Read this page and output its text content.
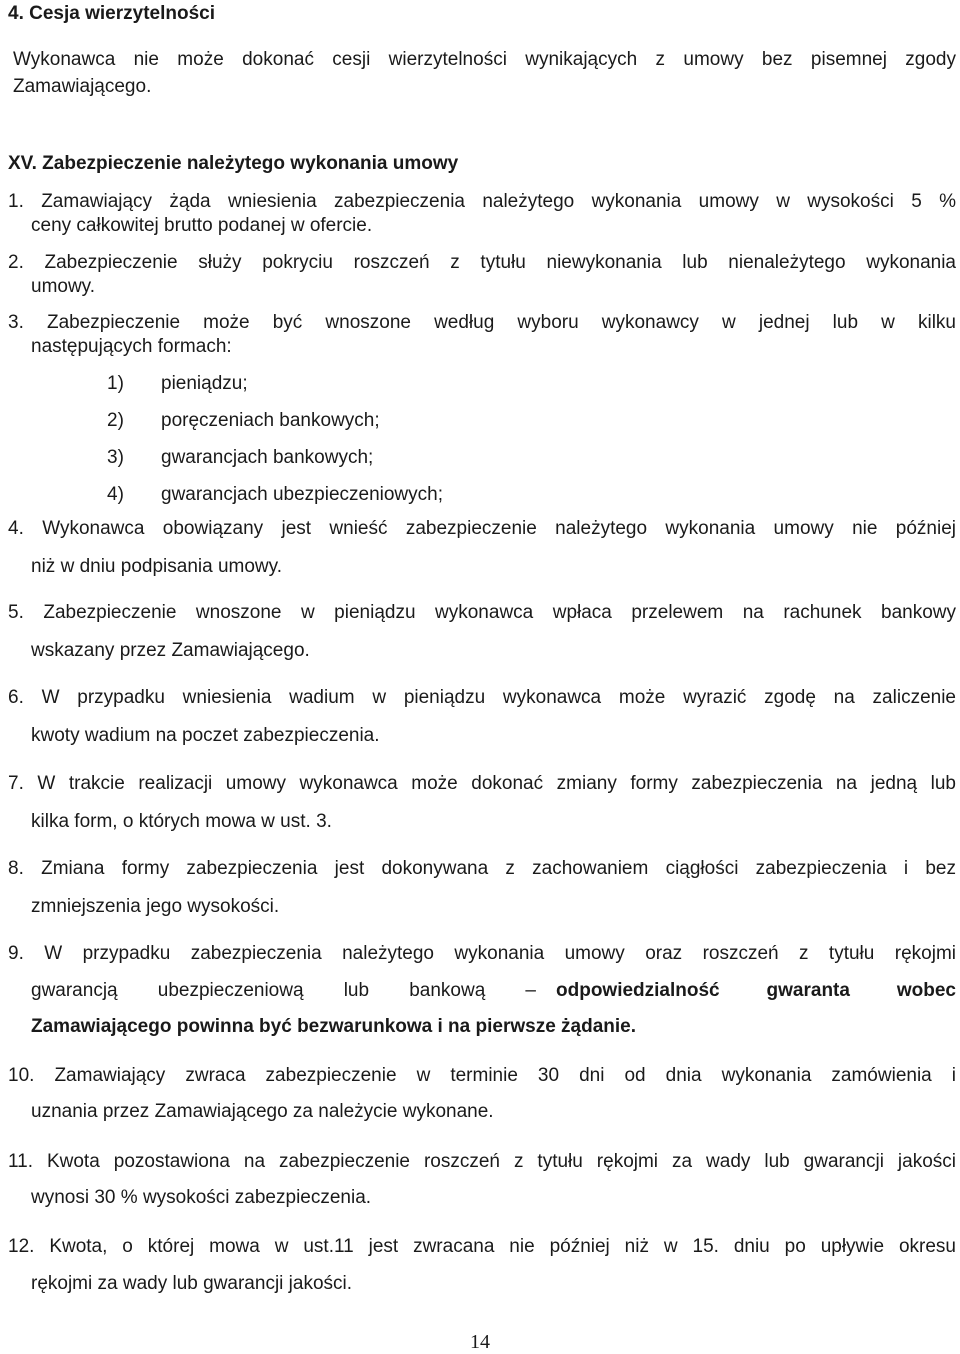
4. Cesja wierzytelności
Wykonawca nie może dokonać cesji wierzytelności wynikających z umowy bez pisemnej zgody
Zamawiającego.
XV. Zabezpieczenie należytego wykonania umowy
1. Zamawiający żąda wniesienia zabezpieczenia należytego wykonania umowy w wysokości 5 %
ceny całkowitej brutto podanej w ofercie.
2. Zabezpieczenie służy pokryciu roszczeń z tytułu niewykonania lub nienależytego wykonania
umowy.
3. Zabezpieczenie może być wnoszone według wyboru wykonawcy w jednej lub w kilku
następujących formach:
1) pieniądzu;
2) poręczeniach bankowych;
3) gwarancjach bankowych;
4) gwarancjach ubezpieczeniowych;
4. Wykonawca obowiązany jest wnieść zabezpieczenie należytego wykonania umowy nie później
niż w dniu podpisania umowy.
5. Zabezpieczenie wnoszone w pieniądzu wykonawca wpłaca przelewem na rachunek bankowy
wskazany przez Zamawiającego.
6. W przypadku wniesienia wadium w pieniądzu wykonawca może wyrazić zgodę na zaliczenie
kwoty wadium na poczet zabezpieczenia.
7. W trakcie realizacji umowy wykonawca może dokonać zmiany formy zabezpieczenia na jedną lub
kilka form, o których mowa w ust. 3.
8. Zmiana formy zabezpieczenia jest dokonywana z zachowaniem ciągłości zabezpieczenia i bez
zmniejszenia jego wysokości.
9. W przypadku zabezpieczenia należytego wykonania umowy oraz roszczeń z tytułu rękojmi
gwarancją ubezpieczeniową lub bankową – odpowiedzialność gwaranta wobec
Zamawiającego powinna być bezwarunkowa i na pierwsze żądanie.
10. Zamawiający zwraca zabezpieczenie w terminie 30 dni od dnia wykonania zamówienia i
uznania przez Zamawiającego za należycie wykonane.
11. Kwota pozostawiona na zabezpieczenie roszczeń z tytułu rękojmi za wady lub gwarancji jakości
wynosi 30 % wysokości zabezpieczenia.
12. Kwota, o której mowa w ust.11 jest zwracana nie później niż w 15. dniu po upływie okresu
rękojmi za wady lub gwarancji jakości.
14
